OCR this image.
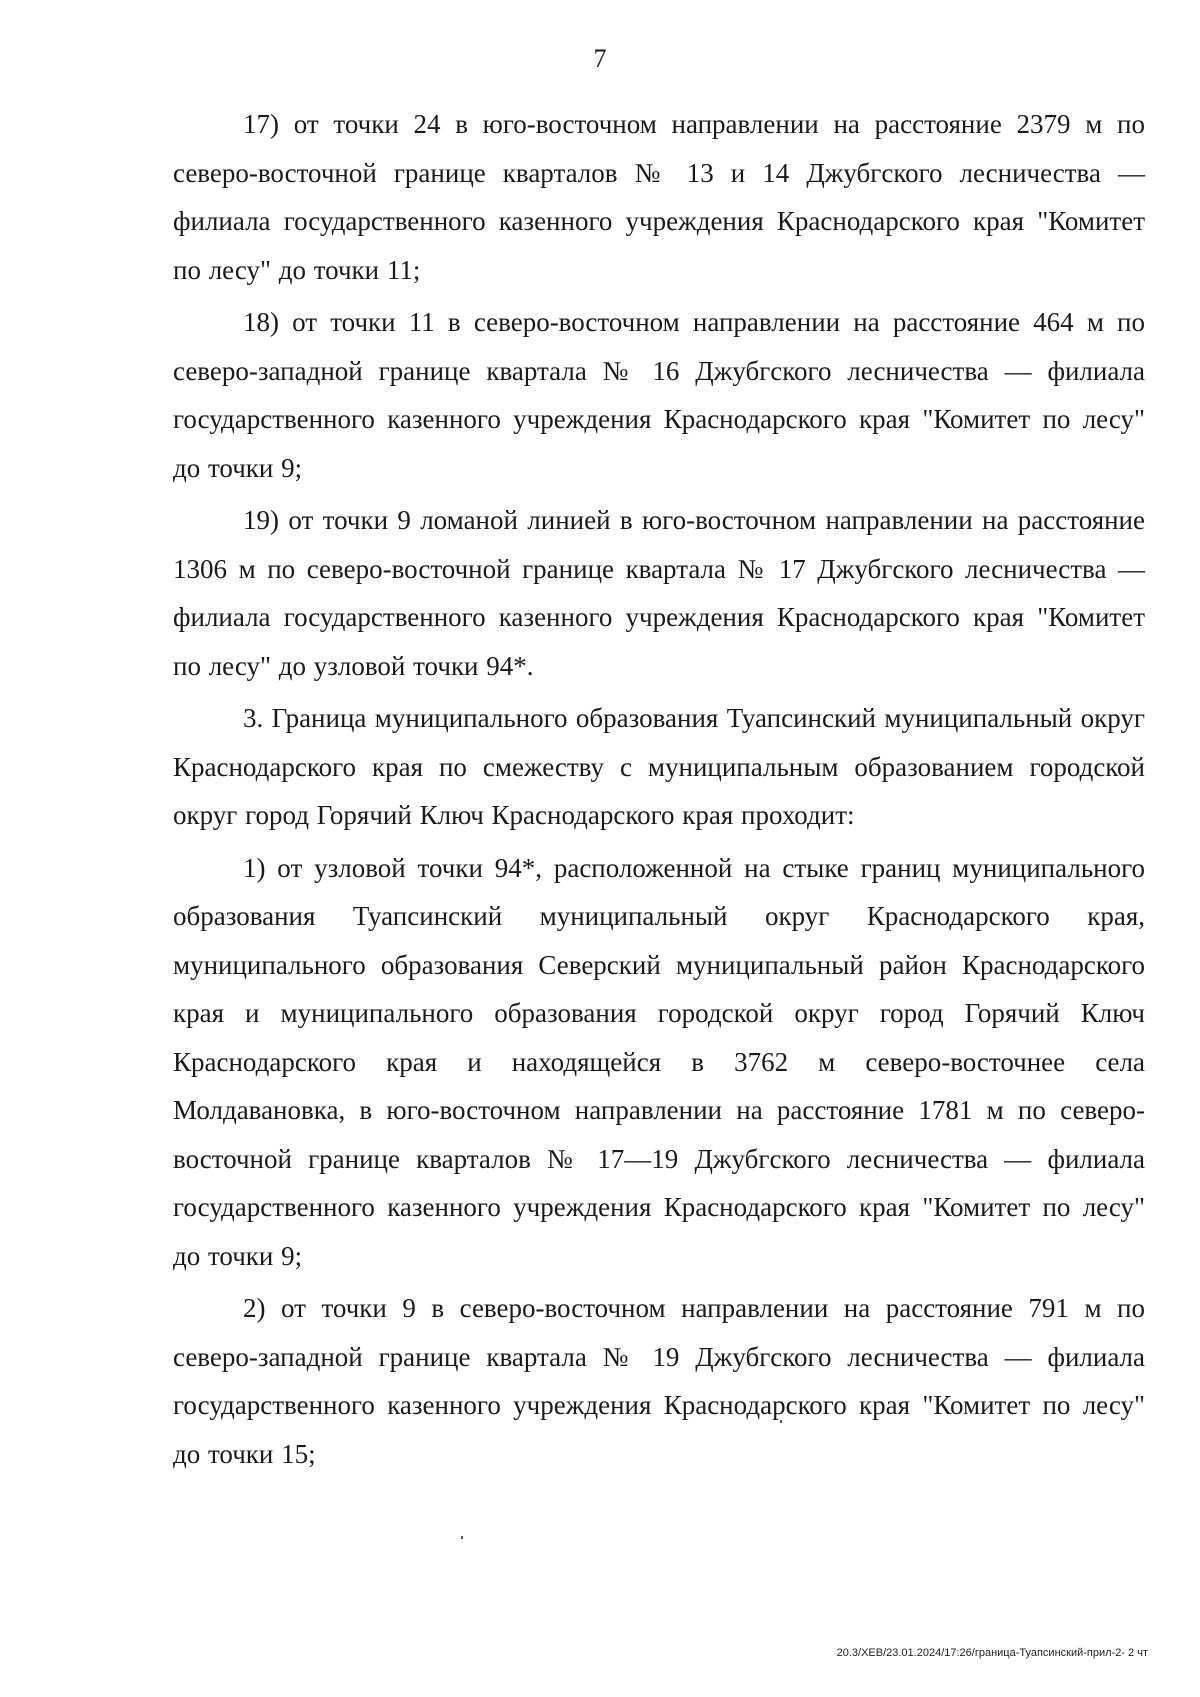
7

17) от точки 24 в юго-восточном направлении на расстояние 2379 м по северо-восточной границе кварталов № 13 и 14 Джубгского лесничества — филиала государственного казенного учреждения Краснодарского края "Комитет по лесу" до точки 11;

18) от точки 11 в северо-восточном направлении на расстояние 464 м по северо-западной границе квартала № 16 Джубгского лесничества — филиала государственного казенного учреждения Краснодарского края "Комитет по лесу" до точки 9;

19) от точки 9 ломаной линией в юго-восточном направлении на расстояние 1306 м по северо-восточной границе квартала № 17 Джубгского лесничества — филиала государственного казенного учреждения Краснодарского края "Комитет по лесу" до узловой точки 94*.

3. Граница муниципального образования Туапсинский муниципальный округ Краснодарского края по смежеству с муниципальным образованием городской округ город Горячий Ключ Краснодарского края проходит:

1) от узловой точки 94*, расположенной на стыке границ муниципального образования Туапсинский муниципальный округ Краснодарского края, муниципального образования Северский муниципальный район Краснодарского края и муниципального образования городской округ город Горячий Ключ Краснодарского края и находящейся в 3762 м северо-восточнее села Молдавановка, в юго-восточном направлении на расстояние 1781 м по северо-восточной границе кварталов № 17—19 Джубгского лесничества — филиала государственного казенного учреждения Краснодарского края "Комитет по лесу" до точки 9;

2) от точки 9 в северо-восточном направлении на расстояние 791 м по северо-западной границе квартала № 19 Джубгского лесничества — филиала государственного казенного учреждения Краснодарского края "Комитет по лесу" до точки 15;

20.3/ХЕВ/23.01.2024/17:26/граница-Туапсинский-прил-2- 2 чт
